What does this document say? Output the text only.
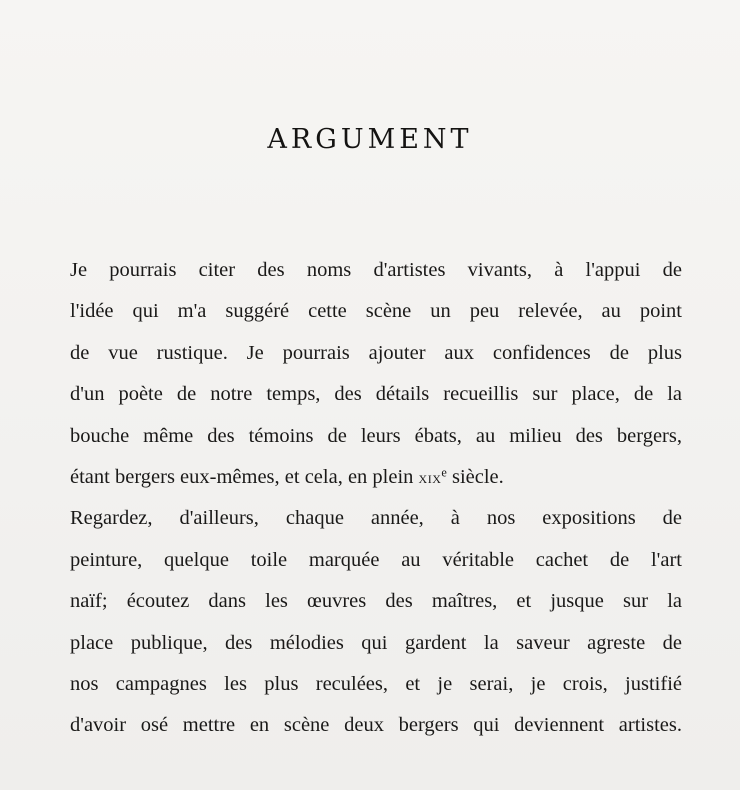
ARGUMENT

Je pourrais citer des noms d'artistes vivants, à l'appui de
l'idée qui m'a suggéré cette scène un peu relevée, au point
de vue rustique. Je pourrais ajouter aux confidences de plus
d'un poète de notre temps, des détails recueillis sur place, de la
bouche même des témoins de leurs ébats, au milieu des bergers,
étant bergers eux-mêmes, et cela, en plein xix$^e$ siècle.

Regardez, d'ailleurs, chaque année, à nos expositions de
peinture, quelque toile marquée au véritable cachet de l'art
naïf; écoutez dans les œuvres des maîtres, et jusque sur la
place publique, des mélodies qui gardent la saveur agreste de
nos campagnes les plus reculées, et je serai, je crois, justifié
d'avoir osé mettre en scène deux bergers qui deviennent artistes.
